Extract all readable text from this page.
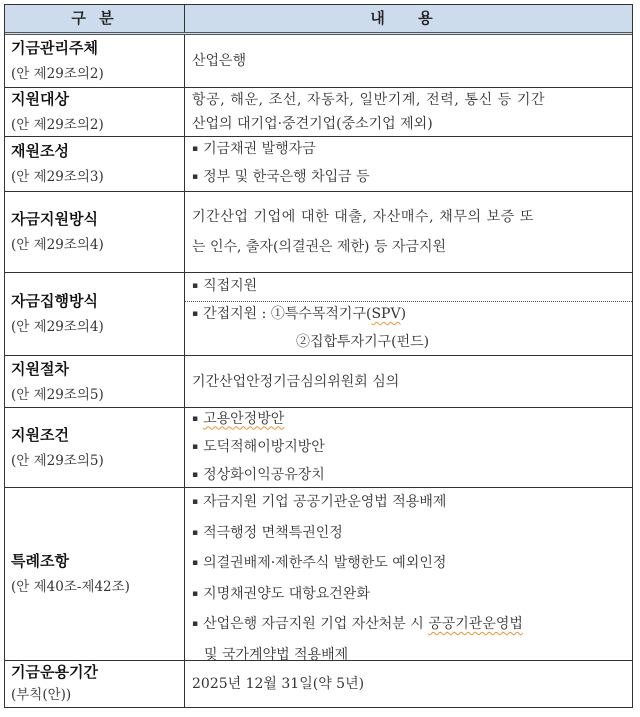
구 분	내 용
기금관리주체
(안 제29조의2)
산업은행
지원대상
(안 제29조의2)
항공, 해운, 조선, 자동차, 일반기계, 전력, 통신 등 기간
산업의 대기업·중견기업(중소기업 제외)
재원조성
(안 제29조의3)
▪ 기금채권 발행자금
▪ 정부 및 한국은행 차입금 등
자금지원방식
(안 제29조의4)
기간산업 기업에 대한 대출, 자산매수, 채무의 보증 또
는 인수, 출자(의결권은 제한) 등 자금지원
자금집행방식
(안 제29조의4)
▪ 직접지원
▪ 간접지원 : ①특수목적기구(SPV)
②집합투자기구(펀드)
지원절차
(안 제29조의5)
기간산업안정기금심의위원회 심의
지원조건
(안 제29조의5)
▪ 고용안정방안
▪ 도덕적해이방지방안
▪ 정상화이익공유장치
특례조항
(안 제40조-제42조)
▪ 자금지원 기업 공공기관운영법 적용배제
▪ 적극행정 면책특권인정
▪ 의결권배제·제한주식 발행한도 예외인정
▪ 지명채권양도 대항요건완화
▪ 산업은행 자금지원 기업 자산처분 시 공공기관운영법
및 국가계약법 적용배제
기금운용기간
(부칙(안))
2025년 12월 31일(약 5년)
